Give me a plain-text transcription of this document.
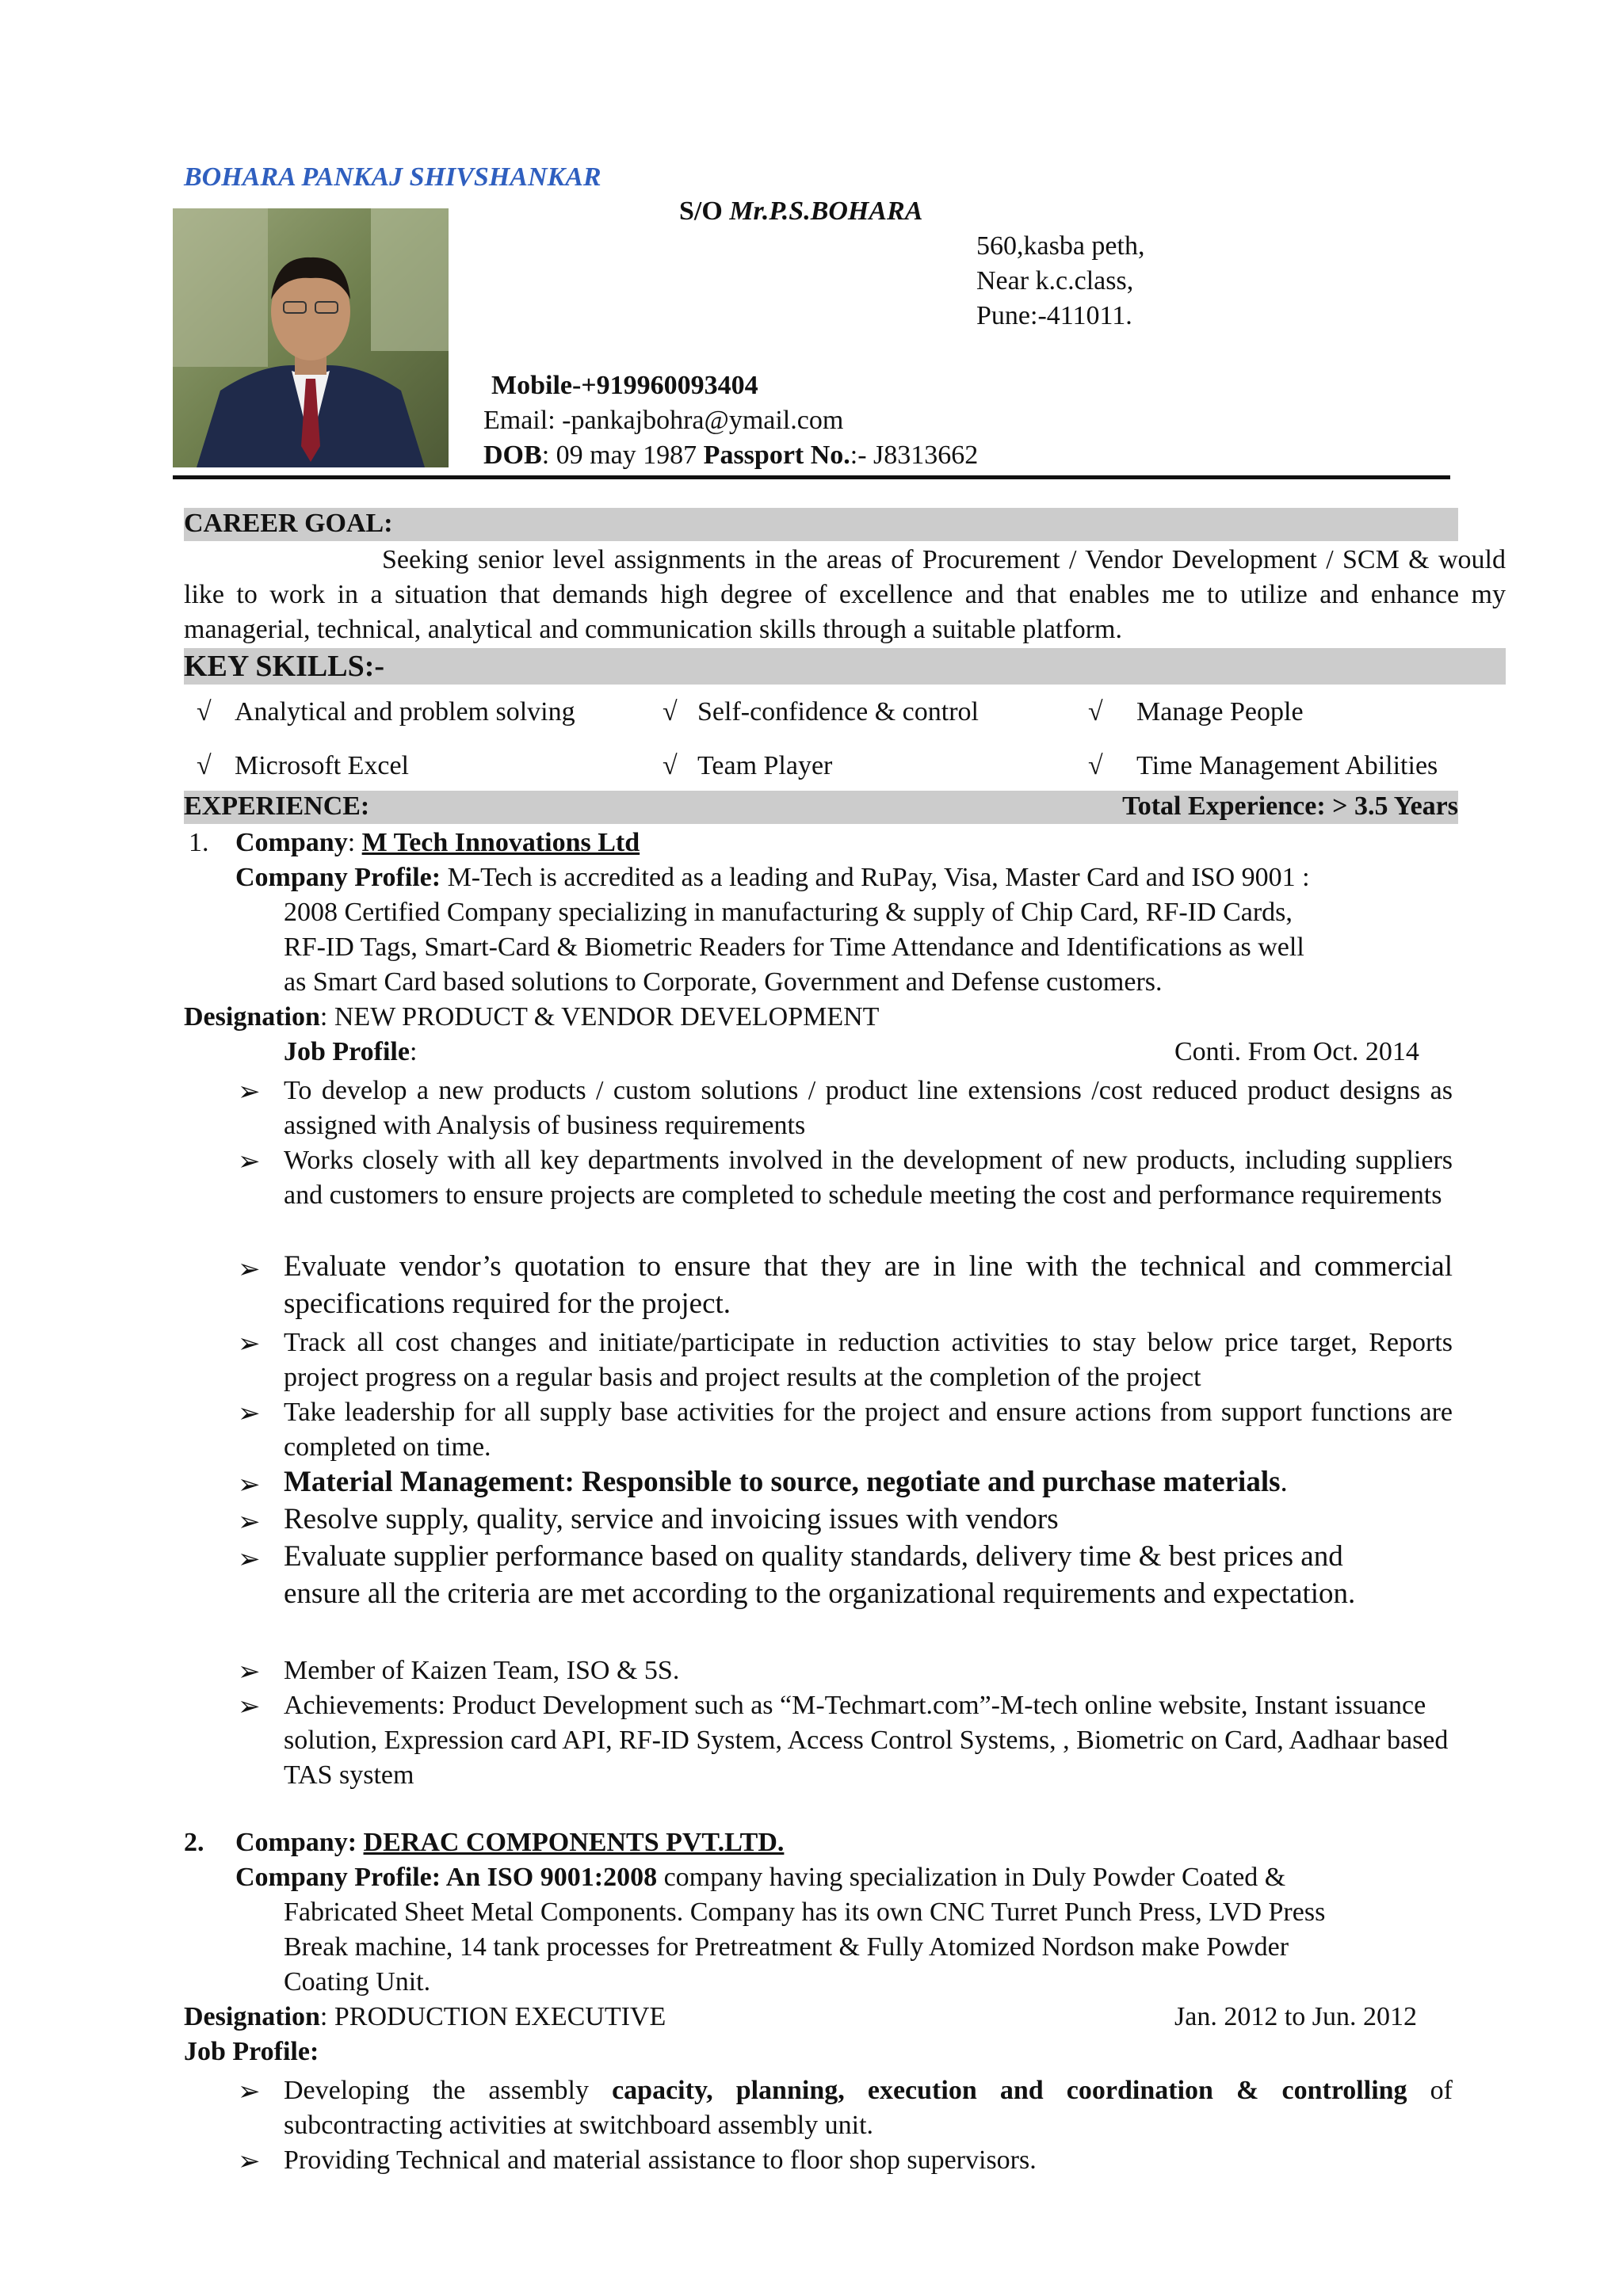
BOHARA PANKAJ SHIVSHANKAR
S/O Mr.P.S.BOHARA
560,kasba peth,
Near k.c.class,
Pune:-411011.
Mobile-+919960093404
Email: -pankajbohra@ymail.com
DOB: 09 may 1987 Passport No.:- J8313662
CAREER GOAL:
Seeking senior level assignments in the areas of Procurement / Vendor Development / SCM & would like to work in a situation that demands high degree of excellence and that enables me to utilize and enhance my managerial, technical, analytical and communication skills through a suitable platform.
KEY SKILLS:-
√ Analytical and problem solving	√ Self-confidence & control	√ Manage People
√ Microsoft Excel	√ Team Player	√ Time Management Abilities
EXPERIENCE:	Total Experience: > 3.5 Years
1. Company: M Tech Innovations Ltd
Company Profile: M-Tech is accredited as a leading and RuPay, Visa, Master Card and ISO 9001 :
2008 Certified Company specializing in manufacturing & supply of Chip Card, RF-ID Cards,
RF-ID Tags, Smart-Card & Biometric Readers for Time Attendance and Identifications as well
as Smart Card based solutions to Corporate, Government and Defense customers.
Designation: NEW PRODUCT & VENDOR DEVELOPMENT
Job Profile:	Conti. From Oct. 2014
➢ To develop a new products / custom solutions / product line extensions /cost reduced product designs as assigned with Analysis of business requirements
➢ Works closely with all key departments involved in the development of new products, including suppliers and customers to ensure projects are completed to schedule meeting the cost and performance requirements
➢ Evaluate vendor’s quotation to ensure that they are in line with the technical and commercial specifications required for the project.
➢ Track all cost changes and initiate/participate in reduction activities to stay below price target, Reports project progress on a regular basis and project results at the completion of the project
➢ Take leadership for all supply base activities for the project and ensure actions from support functions are completed on time.
➢ Material Management: Responsible to source, negotiate and purchase materials.
➢ Resolve supply, quality, service and invoicing issues with vendors
➢ Evaluate supplier performance based on quality standards, delivery time & best prices and ensure all the criteria are met according to the organizational requirements and expectation.
➢ Member of Kaizen Team, ISO & 5S.
➢ Achievements: Product Development such as “M-Techmart.com”-M-tech online website, Instant issuance solution, Expression card API, RF-ID System, Access Control Systems, , Biometric on Card, Aadhaar based TAS system
2. Company: DERAC COMPONENTS PVT.LTD.
Company Profile: An ISO 9001:2008 company having specialization in Duly Powder Coated &
Fabricated Sheet Metal Components. Company has its own CNC Turret Punch Press, LVD Press
Break machine, 14 tank processes for Pretreatment & Fully Atomized Nordson make Powder
Coating Unit.
Designation: PRODUCTION EXECUTIVE	Jan. 2012 to Jun. 2012
Job Profile:
➢ Developing the assembly capacity, planning, execution and coordination & controlling of subcontracting activities at switchboard assembly unit.
➢ Providing Technical and material assistance to floor shop supervisors.
